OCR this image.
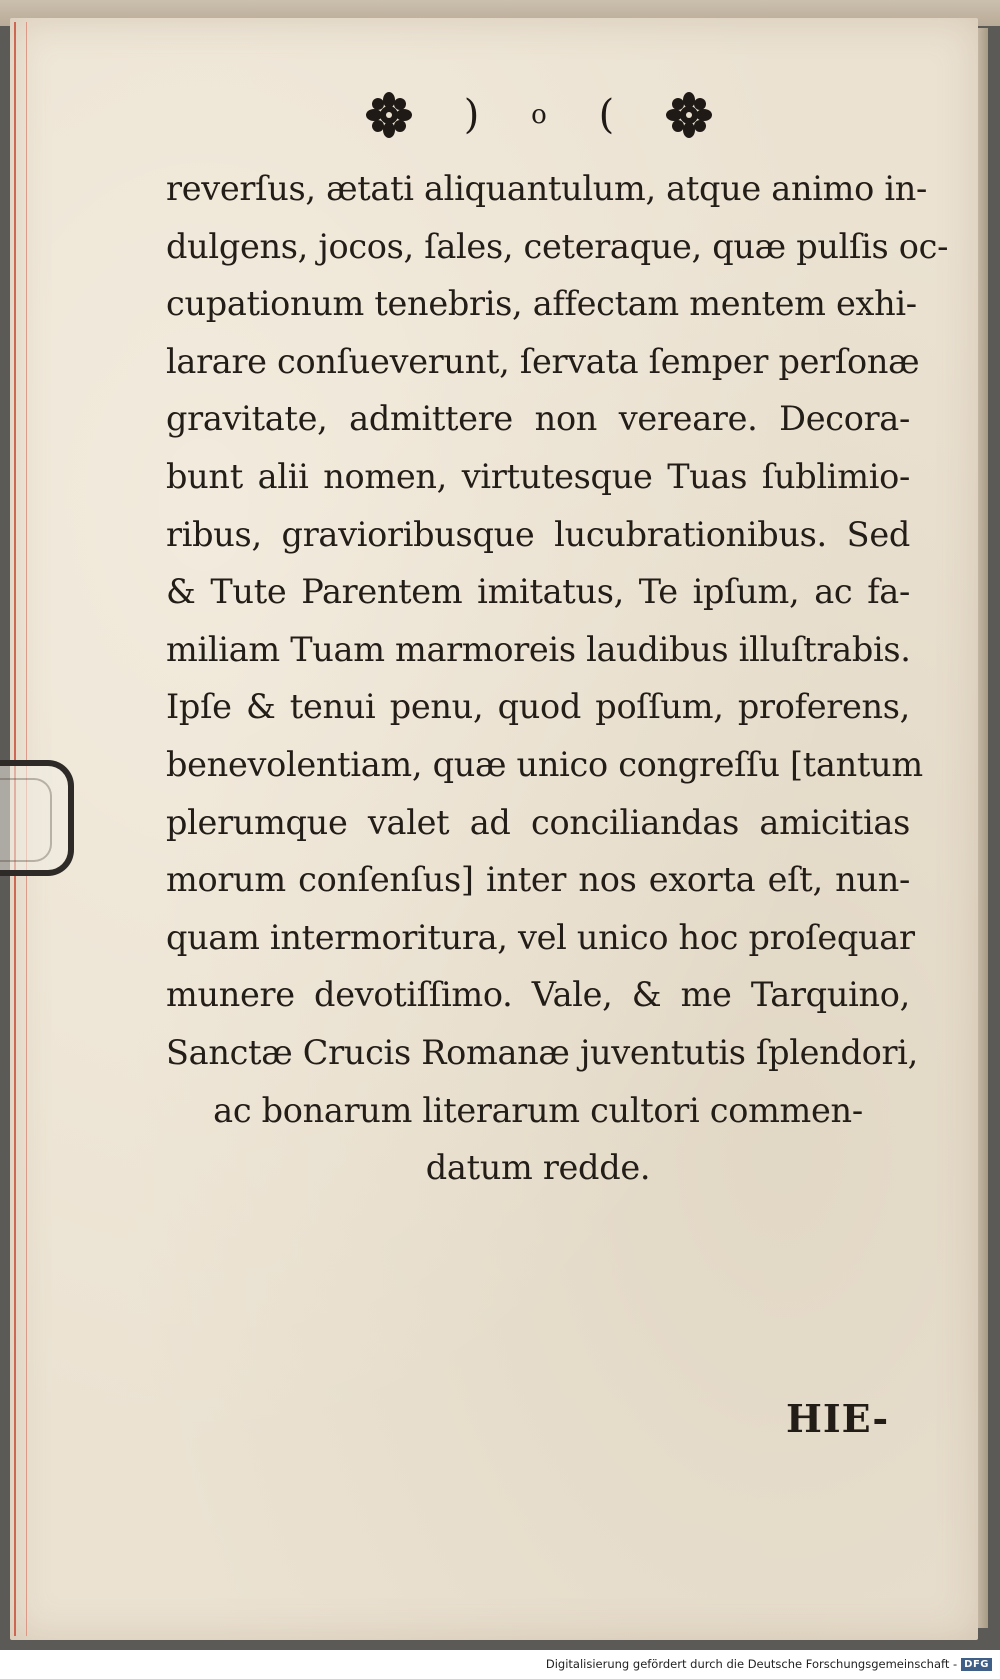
) o (
reverſus, ætati aliquantulum, atque animo in-
dulgens, jocos, ſales, ceteraque, quæ pulſis oc-
cupationum tenebris, affectam mentem exhi-
larare conſueverunt, ſervata ſemper perſonæ
gravitate, admittere non vereare. Decora-
bunt alii nomen, virtutesque Tuas ſublimio-
ribus, gravioribusque lucubrationibus. Sed
& Tute Parentem imitatus, Te ipſum, ac fa-
miliam Tuam marmoreis laudibus illuſtrabis.
Ipſe & tenui penu, quod poſſum, proferens,
benevolentiam, quæ unico congreſſu [tantum
plerumque valet ad conciliandas amicitias
morum conſenſus] inter nos exorta eſt, nun-
quam intermoritura, vel unico hoc proſequar
munere devotiſſimo. Vale, & me Tarquino,
Sanctæ Crucis Romanæ juventutis ſplendori,
ac bonarum literarum cultori commen-
datum redde.
HIE-
Digitalisierung gefördert durch die Deutsche Forschungsgemeinschaft - DFG
